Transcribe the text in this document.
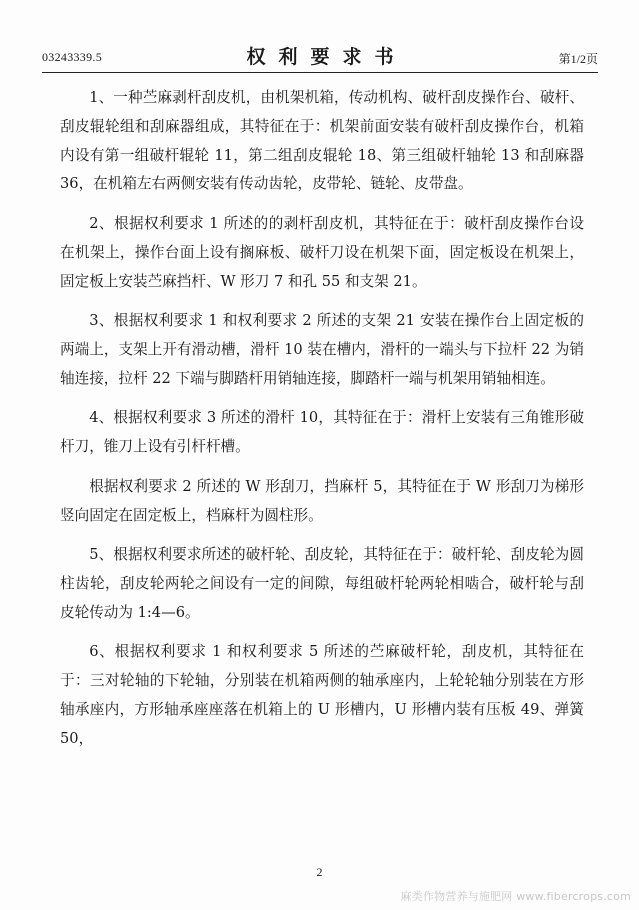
03243339.5	权利要求书	第1/2页

1、一种苎麻剥杆刮皮机，由机架机箱，传动机构、破杆刮皮操作台、破杆、刮皮辊轮组和刮麻器组成，其特征在于：机架前面安装有破杆刮皮操作台，机箱内设有第一组破杆辊轮 11，第二组刮皮辊轮 18、第三组破杆轴轮 13 和刮麻器 36，在机箱左右两侧安装有传动齿轮，皮带轮、链轮、皮带盘。

2、根据权利要求 1 所述的的剥杆刮皮机，其特征在于：破杆刮皮操作台设在机架上，操作台面上设有搁麻板、破杆刀设在机架下面，固定板设在机架上，固定板上安装苎麻挡杆、W 形刀 7 和孔 55 和支架 21。

3、根据权利要求 1 和权利要求 2 所述的支架 21 安装在操作台上固定板的两端上，支架上开有滑动槽，滑杆 10 装在槽内，滑杆的一端头与下拉杆 22 为销轴连接，拉杆 22 下端与脚踏杆用销轴连接，脚踏杆一端与机架用销轴相连。

4、根据权利要求 3 所述的滑杆 10，其特征在于：滑杆上安装有三角锥形破杆刀，锥刀上设有引杆杆槽。

根据权利要求 2 所述的 W 形刮刀，挡麻杆 5，其特征在于 W 形刮刀为梯形竖向固定在固定板上，档麻杆为圆柱形。

5、根据权利要求所述的破杆轮、刮皮轮，其特征在于：破杆轮、刮皮轮为圆柱齿轮，刮皮轮两轮之间设有一定的间隙，每组破杆轮两轮相啮合，破杆轮与刮皮轮传动为 1:4—6。

6、根据权利要求 1 和权利要求 5 所述的苎麻破杆轮，刮皮机，其特征在于：三对轮轴的下轮轴，分别装在机箱两侧的轴承座内，上轮轮轴分别装在方形轴承座内，方形轴承座座落在机箱上的 U 形槽内，U 形槽内装有压板 49、弹簧 50，

2
麻类作物营养与施肥网 www.fibercrops.com
